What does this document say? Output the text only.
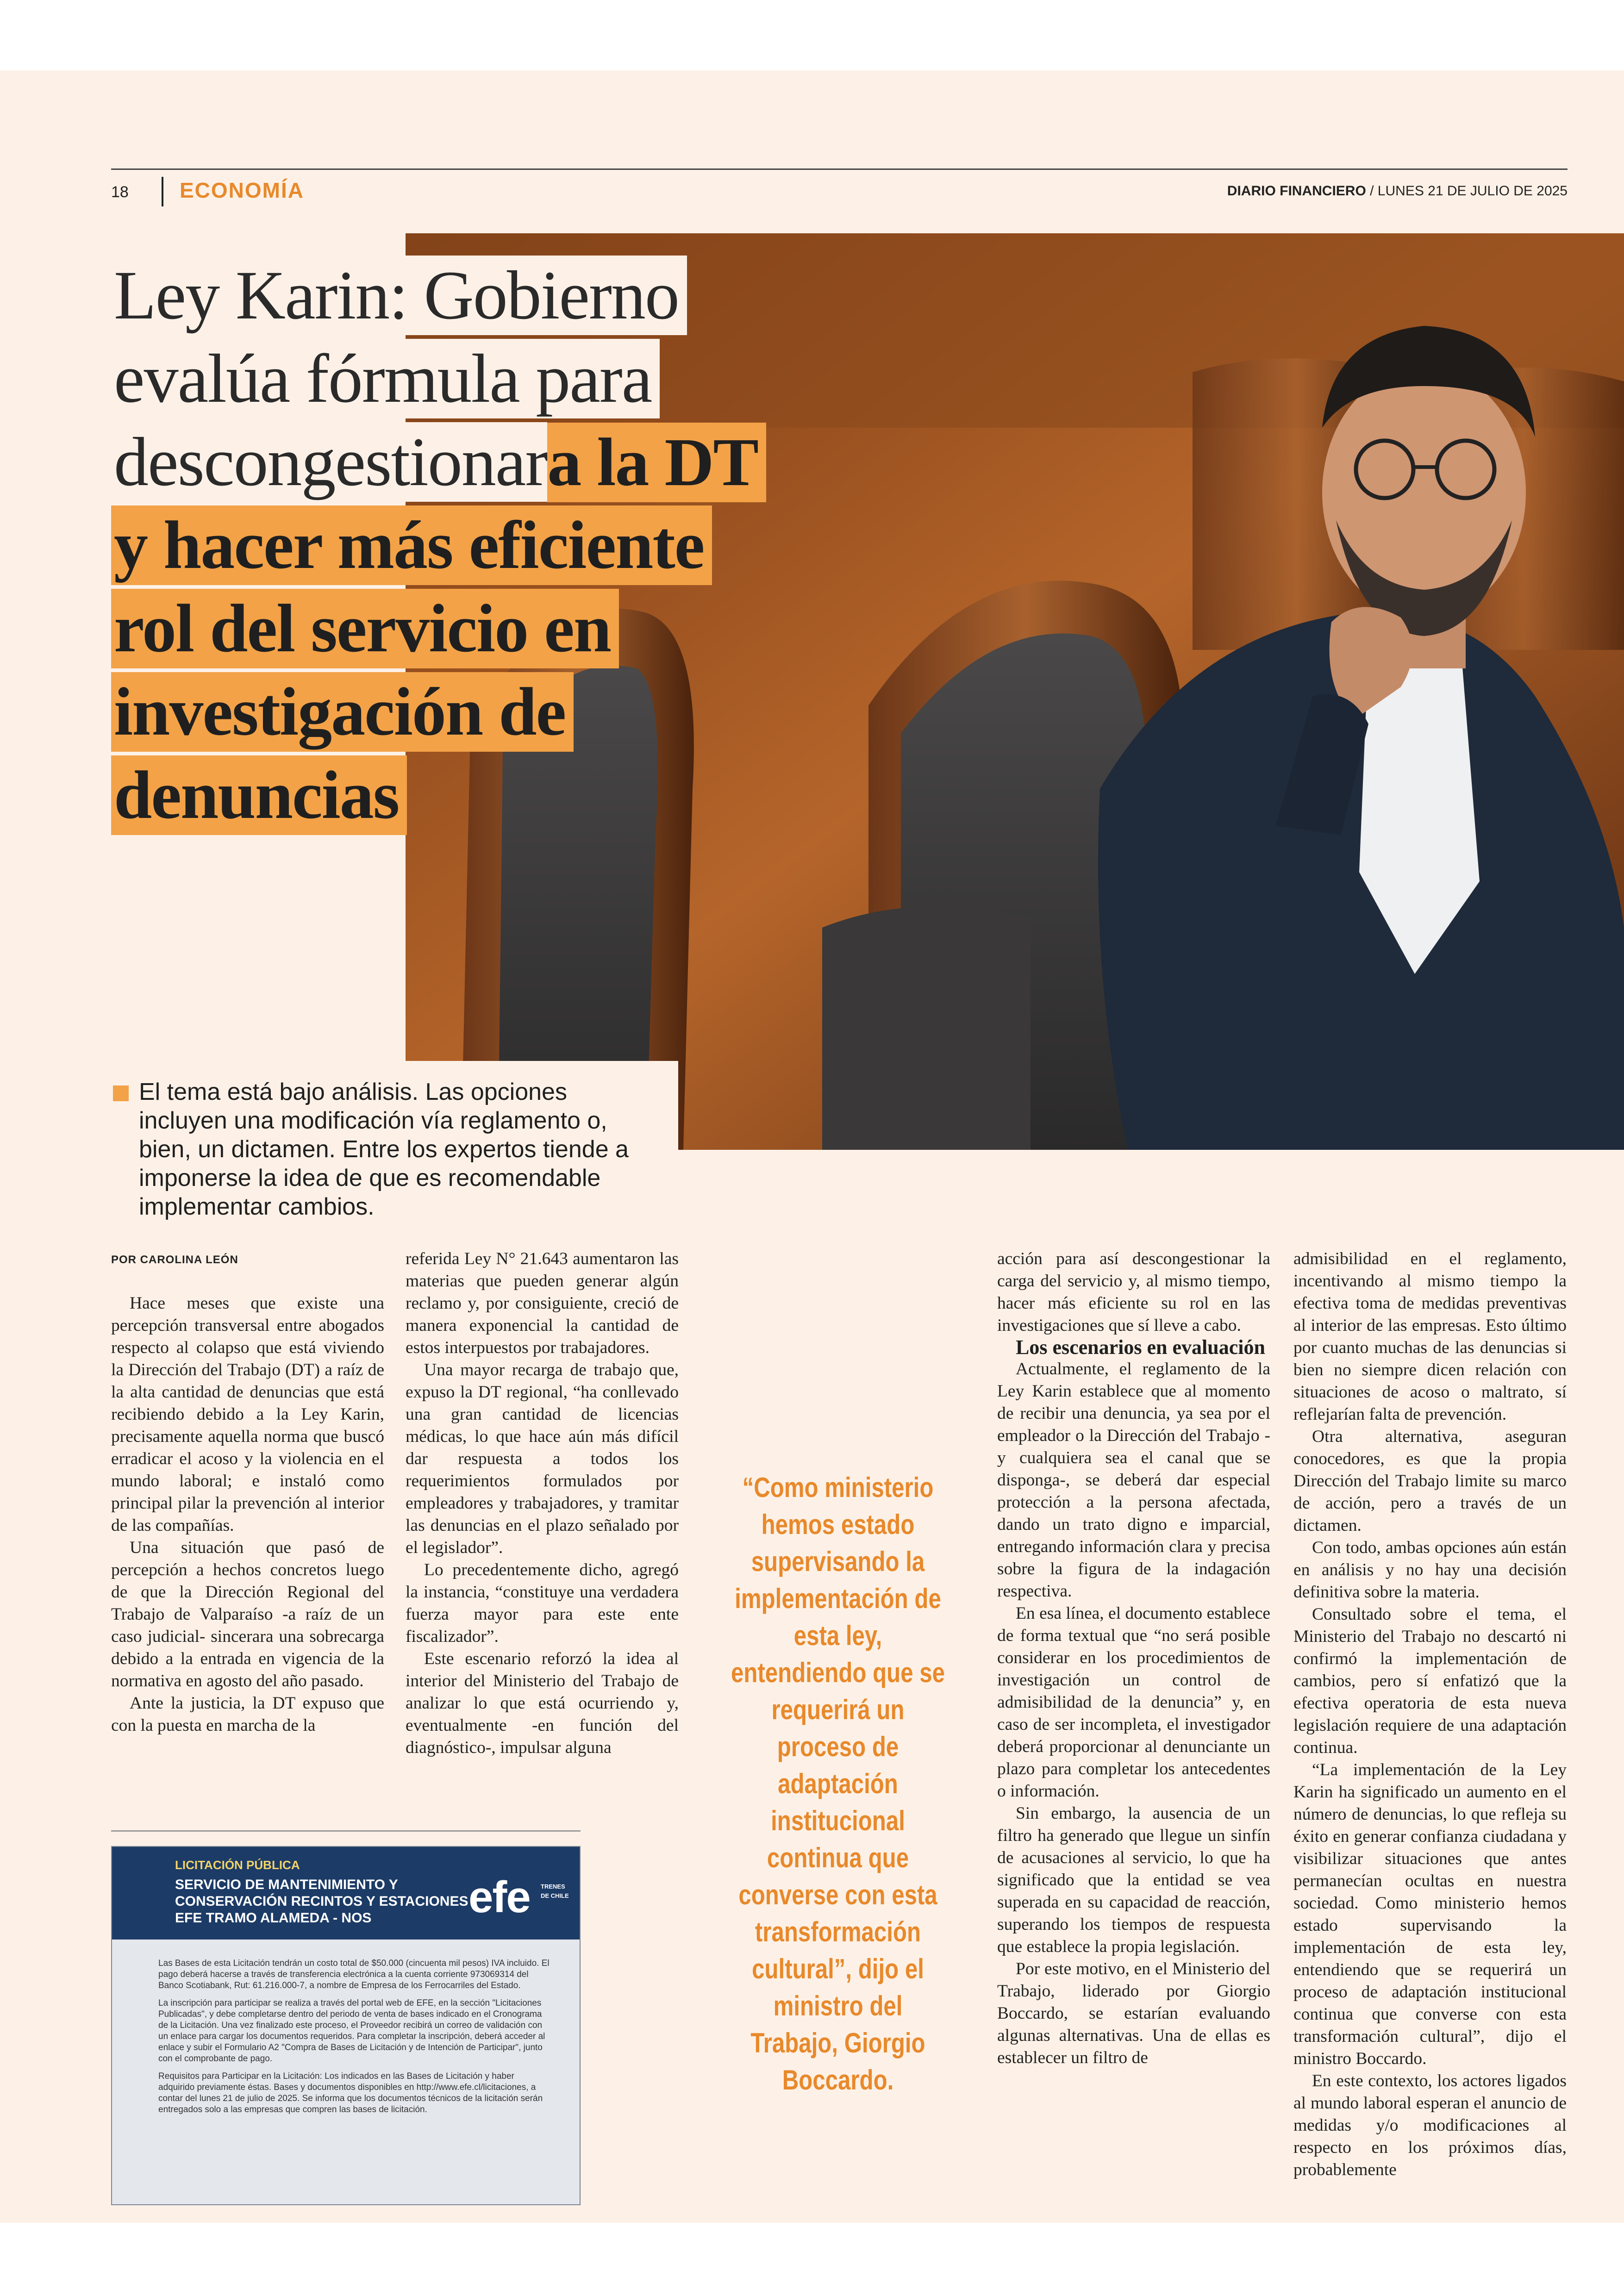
18 ECONOMÍA	DIARIO FINANCIERO / LUNES 21 DE JULIO DE 2025
Ley Karin: Gobierno
evalúa fórmula para
descongestionara la DT
y hacer más eficiente
rol del servicio en
investigación de
denuncias
El tema está bajo análisis. Las opciones incluyen una modificación vía reglamento o, bien, un dictamen. Entre los expertos tiende a imponerse la idea de que es recomendable implementar cambios.
POR CAROLINA LEÓN

Hace meses que existe una percepción transversal entre abogados respecto al colapso que está viviendo la Dirección del Trabajo (DT) a raíz de la alta cantidad de denuncias que está recibiendo debido a la Ley Karin, precisamente aquella norma que buscó erradicar el acoso y la violencia en el mundo laboral; e instaló como principal pilar la prevención al interior de las compañías.

Una situación que pasó de percepción a hechos concretos luego de que la Dirección Regional del Trabajo de Valparaíso -a raíz de un caso judicial- sincerara una sobrecarga debido a la entrada en vigencia de la normativa en agosto del año pasado.

Ante la justicia, la DT expuso que con la puesta en marcha de la

referida Ley N° 21.643 aumentaron las materias que pueden generar algún reclamo y, por consiguiente, creció de manera exponencial la cantidad de estos interpuestos por trabajadores.

Una mayor recarga de trabajo que, expuso la DT regional, “ha conllevado una gran cantidad de licencias médicas, lo que hace aún más difícil dar respuesta a todos los requerimientos formulados por empleadores y trabajadores, y tramitar las denuncias en el plazo señalado por el legislador”.

Lo precedentemente dicho, agregó la instancia, “constituye una verdadera fuerza mayor para este ente fiscalizador”.

Este escenario reforzó la idea al interior del Ministerio del Trabajo de analizar lo que está ocurriendo y, eventualmente -en función del diagnóstico-, impulsar alguna

“Como ministerio hemos estado supervisando la implementación de esta ley, entendiendo que se requerirá un proceso de adaptación institucional continua que converse con esta transformación cultural”, dijo el ministro del Trabajo, Giorgio Boccardo.

acción para así descongestionar la carga del servicio y, al mismo tiempo, hacer más eficiente su rol en las investigaciones que sí lleve a cabo.

Los escenarios en evaluación

Actualmente, el reglamento de la Ley Karin establece que al momento de recibir una denuncia, ya sea por el empleador o la Dirección del Trabajo -y cualquiera sea el canal que se disponga-, se deberá dar especial protección a la persona afectada, dando un trato digno e imparcial, entregando información clara y precisa sobre la figura de la indagación respectiva.

En esa línea, el documento establece de forma textual que “no será posible considerar en los procedimientos de investigación un control de admisibilidad de la denuncia” y, en caso de ser incompleta, el investigador deberá proporcionar al denunciante un plazo para completar los antecedentes o información.

Sin embargo, la ausencia de un filtro ha generado que llegue un sinfín de acusaciones al servicio, lo que ha significado que la entidad se vea superada en su capacidad de reacción, superando los tiempos de respuesta que establece la propia legislación.

Por este motivo, en el Ministerio del Trabajo, liderado por Giorgio Boccardo, se estarían evaluando algunas alternativas. Una de ellas es establecer un filtro de

admisibilidad en el reglamento, incentivando al mismo tiempo la efectiva toma de medidas preventivas al interior de las empresas. Esto último por cuanto muchas de las denuncias si bien no siempre dicen relación con situaciones de acoso o maltrato, sí reflejarían falta de prevención.

Otra alternativa, aseguran conocedores, es que la propia Dirección del Trabajo limite su marco de acción, pero a través de un dictamen.

Con todo, ambas opciones aún están en análisis y no hay una decisión definitiva sobre la materia.

Consultado sobre el tema, el Ministerio del Trabajo no descartó ni confirmó la implementación de cambios, pero sí enfatizó que la efectiva operatoria de esta nueva legislación requiere de una adaptación continua.

“La implementación de la Ley Karin ha significado un aumento en el número de denuncias, lo que refleja su éxito en generar confianza ciudadana y visibilizar situaciones que antes permanecían ocultas en nuestra sociedad. Como ministerio hemos estado supervisando la implementación de esta ley, entendiendo que se requerirá un proceso de adaptación institucional continua que converse con esta transformación cultural”, dijo el ministro Boccardo.

En este contexto, los actores ligados al mundo laboral esperan el anuncio de medidas y/o modificaciones al respecto en los próximos días, probablemente

LICITACIÓN PÚBLICA
SERVICIO DE MANTENIMIENTO Y CONSERVACIÓN RECINTOS Y ESTACIONES EFE TRAMO ALAMEDA - NOS	efe TRENES DE CHILE

Las Bases de esta Licitación tendrán un costo total de $50.000 (cincuenta mil pesos) IVA incluido. El pago deberá hacerse a través de transferencia electrónica a la cuenta corriente 973069314 del Banco Scotiabank, Rut: 61.216.000-7, a nombre de Empresa de los Ferrocarriles del Estado.

La inscripción para participar se realiza a través del portal web de EFE, en la sección "Licitaciones Publicadas", y debe completarse dentro del periodo de venta de bases indicado en el Cronograma de la Licitación. Una vez finalizado este proceso, el Proveedor recibirá un correo de validación con un enlace para cargar los documentos requeridos. Para completar la inscripción, deberá acceder al enlace y subir el Formulario A2 "Compra de Bases de Licitación y de Intención de Participar", junto con el comprobante de pago.

Requisitos para Participar en la Licitación: Los indicados en las Bases de Licitación y haber adquirido previamente éstas. Bases y documentos disponibles en http://www.efe.cl/licitaciones, a contar del lunes 21 de julio de 2025. Se informa que los documentos técnicos de la licitación serán entregados solo a las empresas que compren las bases de licitación.
